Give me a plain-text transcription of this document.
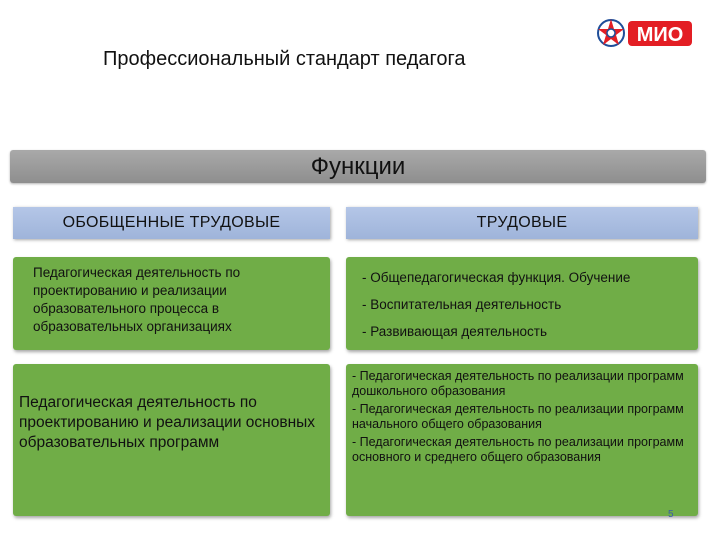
Профессиональный стандарт педагога
МИО
Функции
ОБОБЩЕННЫЕ ТРУДОВЫЕ	ТРУДОВЫЕ
Педагогическая деятельность по проектированию и реализации образовательного процесса в образовательных организациях
- Общепедагогическая функция. Обучение
- Воспитательная деятельность
- Развивающая деятельность
Педагогическая деятельность по проектированию и реализации основных образовательных программ
- Педагогическая деятельность по реализации программ дошкольного образования
- Педагогическая деятельность по реализации программ начального общего образования
- Педагогическая деятельность по реализации программ основного и среднего общего образования
5
